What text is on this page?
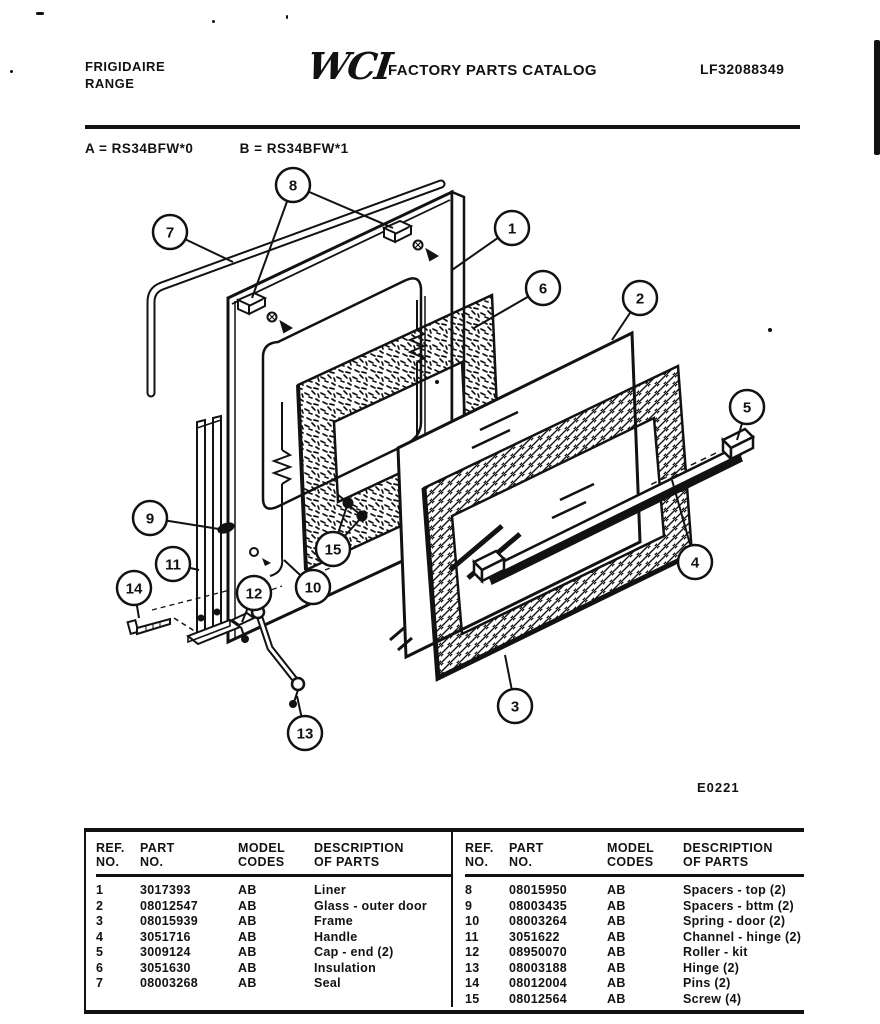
FRIGIDAIRE
RANGE	WCI
FACTORY PARTS CATALOG	LF32088349
A = RS34BFW*0	B = RS34BFW*1
1
2
3
4
5
6
7
8
9
10
11
12
13
14
15
E0221
REF.
NO.
PART
NO.
MODEL
CODES
DESCRIPTION
OF PARTS
1	3017393	AB	Liner
2	08012547	AB	Glass - outer door
3	08015939	AB	Frame
4	3051716	AB	Handle
5	3009124	AB	Cap - end (2)
6	3051630	AB	Insulation
7	08003268	AB	Seal
REF.
NO.
PART
NO.
MODEL
CODES
DESCRIPTION
OF PARTS
8	08015950	AB	Spacers - top (2)
9	08003435	AB	Spacers - bttm (2)
10	08003264	AB	Spring - door (2)
11	3051622	AB	Channel - hinge (2)
12	08950070	AB	Roller - kit
13	08003188	AB	Hinge (2)
14	08012004	AB	Pins (2)
15	08012564	AB	Screw (4)
